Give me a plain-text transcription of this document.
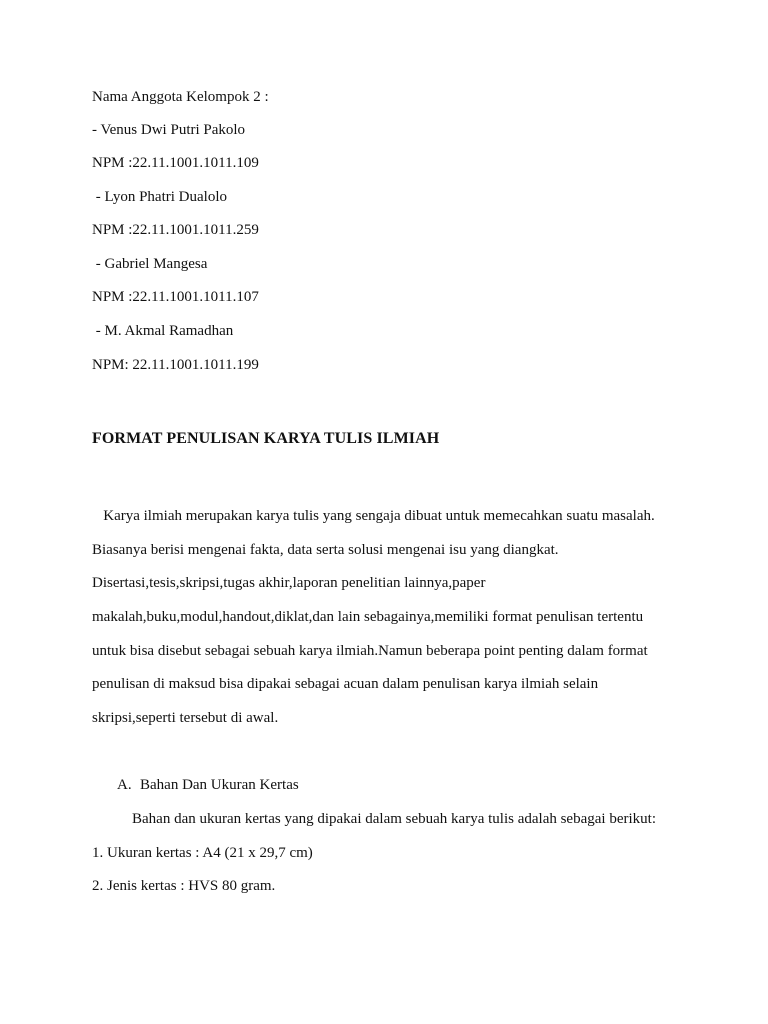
Nama Anggota Kelompok 2 :
- Venus Dwi Putri Pakolo
NPM :22.11.1001.1011.109
- Lyon Phatri Dualolo
NPM :22.11.1001.1011.259
- Gabriel Mangesa
NPM :22.11.1001.1011.107
- M. Akmal Ramadhan
NPM: 22.11.1001.1011.199
FORMAT PENULISAN KARYA TULIS ILMIAH
Karya ilmiah merupakan karya tulis yang sengaja dibuat untuk memecahkan suatu masalah.
Biasanya berisi mengenai fakta, data serta solusi mengenai isu yang diangkat.
Disertasi,tesis,skripsi,tugas akhir,laporan penelitian lainnya,paper
makalah,buku,modul,handout,diklat,dan lain sebagainya,memiliki format penulisan tertentu
untuk bisa disebut sebagai sebuah karya ilmiah.Namun beberapa point penting dalam format
penulisan di maksud bisa dipakai sebagai acuan dalam penulisan karya ilmiah selain
skripsi,seperti tersebut di awal.
A. Bahan Dan Ukuran Kertas
Bahan dan ukuran kertas yang dipakai dalam sebuah karya tulis adalah sebagai berikut:
1. Ukuran kertas : A4 (21 x 29,7 cm)
2. Jenis kertas : HVS 80 gram.
